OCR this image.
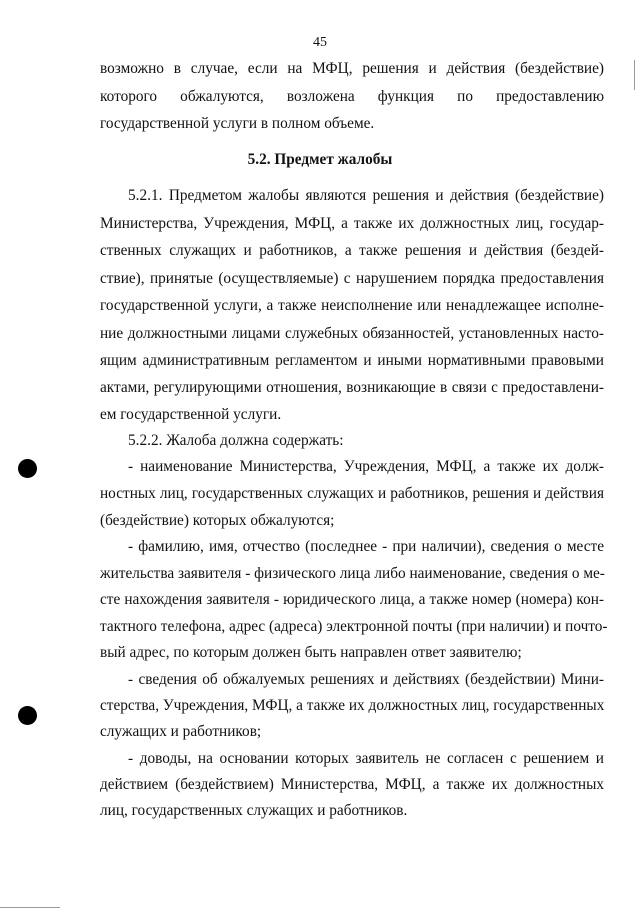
45
возможно в случае, если на МФЦ, решения и действия (бездействие)
которого обжалуются, возложена функция по предоставлению
государственной услуги в полном объеме.
5.2. Предмет жалобы
5.2.1. Предметом жалобы являются решения и действия (бездействие)
Министерства, Учреждения, МФЦ, а также их должностных лиц, государ-
ственных служащих и работников, а также решения и действия (бездей-
ствие), принятые (осуществляемые) с нарушением порядка предоставления
государственной услуги, а также неисполнение или ненадлежащее исполне-
ние должностными лицами служебных обязанностей, установленных насто-
ящим административным регламентом и иными нормативными правовыми
актами, регулирующими отношения, возникающие в связи с предоставлени-
ем государственной услуги.
5.2.2. Жалоба должна содержать:
- наименование Министерства, Учреждения, МФЦ, а также их долж-
ностных лиц, государственных служащих и работников, решения и действия
(бездействие) которых обжалуются;
- фамилию, имя, отчество (последнее - при наличии), сведения о месте
жительства заявителя - физического лица либо наименование, сведения о ме-
сте нахождения заявителя - юридического лица, а также номер (номера) кон-
тактного телефона, адрес (адреса) электронной почты (при наличии) и почто-
вый адрес, по которым должен быть направлен ответ заявителю;
- сведения об обжалуемых решениях и действиях (бездействии) Мини-
стерства, Учреждения, МФЦ, а также их должностных лиц, государственных
служащих и работников;
- доводы, на основании которых заявитель не согласен с решением и
действием (бездействием) Министерства, МФЦ, а также их должностных
лиц, государственных служащих и работников.
